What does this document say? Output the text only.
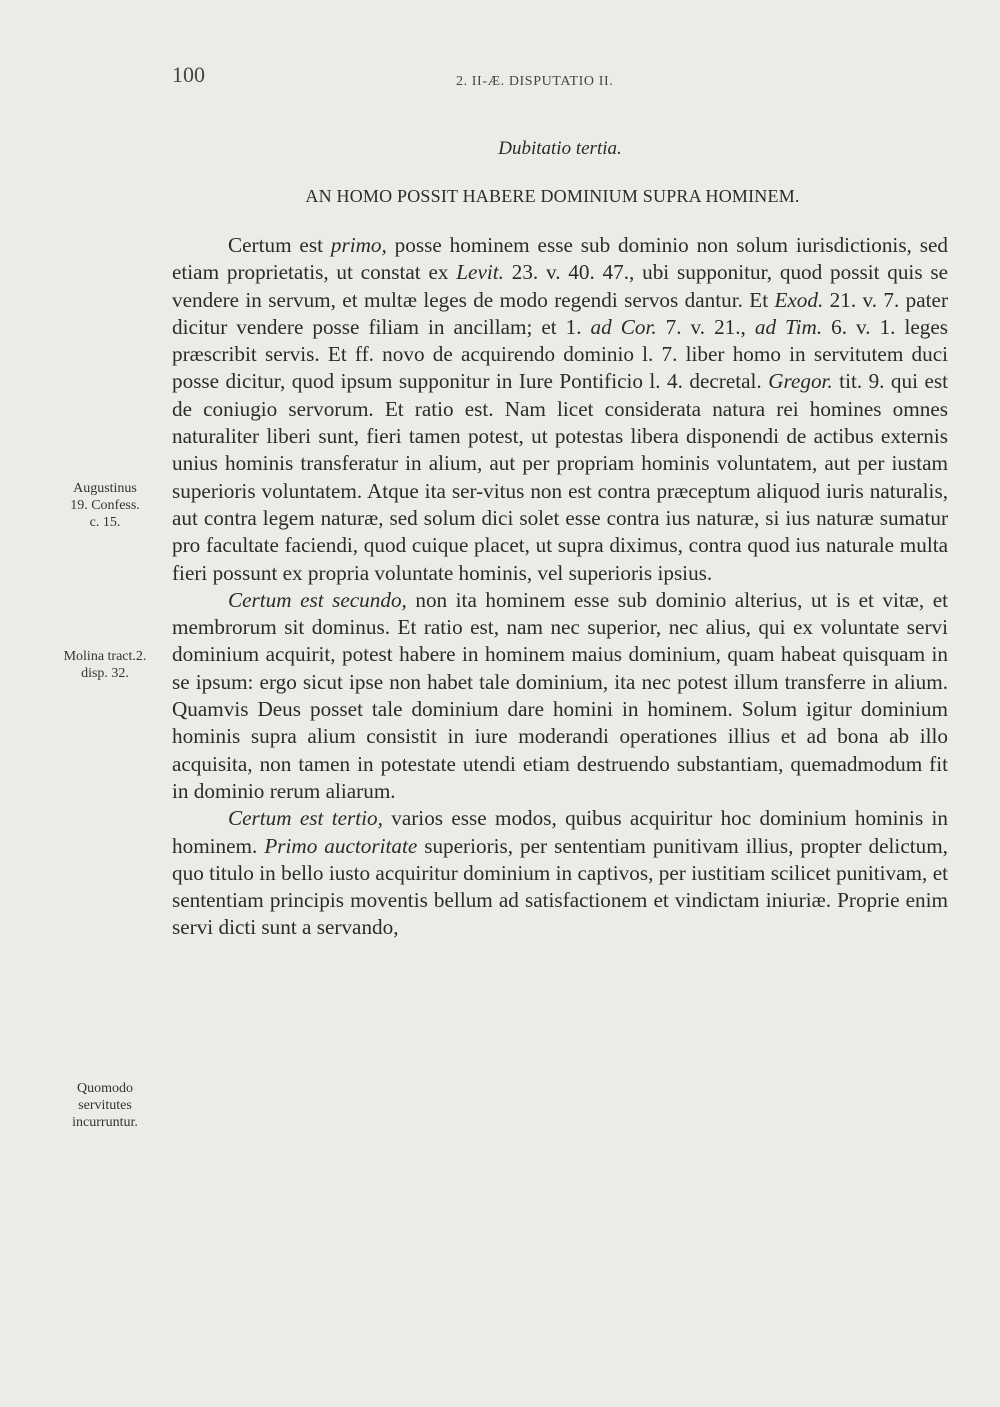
100	2. II-Æ. DISPUTATIO II.
Dubitatio tertia.
AN HOMO POSSIT HABERE DOMINIUM SUPRA HOMINEM.
Augustinus
19. Confess.
c. 15.
Molina tract.2.
disp. 32.
Quomodo
servitutes
incurruntur.

Certum est primo, posse hominem esse sub dominio non solum iurisdictionis, sed etiam proprietatis, ut constat ex Levit. 23. v. 40. 47., ubi supponitur, quod possit quis se vendere in servum, et multæ leges de modo regendi servos dantur. Et Exod. 21. v. 7. pater dicitur vendere posse filiam in ancillam; et 1. ad Cor. 7. v. 21., ad Tim. 6. v. 1. leges præscribit servis. Et ff. novo de acquirendo dominio l. 7. liber homo in servitutem duci posse dicitur, quod ipsum supponitur in Iure Pontificio l. 4. decretal. Gregor. tit. 9. qui est de coniugio servorum. Et ratio est. Nam licet considerata natura rei homines omnes naturaliter liberi sunt, fieri tamen potest, ut potestas libera disponendi de actibus externis unius hominis transferatur in alium, aut per propriam hominis voluntatem, aut per iustam superioris voluntatem. Atque ita ser-vitus non est contra præceptum aliquod iuris naturalis, aut contra legem naturæ, sed solum dici solet esse contra ius naturæ, si ius naturæ sumatur pro facultate faciendi, quod cuique placet, ut supra diximus, contra quod ius naturale multa fieri possunt ex propria voluntate hominis, vel superioris ipsius.

Certum est secundo, non ita hominem esse sub dominio alterius, ut is et vitæ, et membrorum sit dominus. Et ratio est, nam nec superior, nec alius, qui ex voluntate servi dominium acquirit, potest habere in hominem maius dominium, quam habeat quisquam in se ipsum: ergo sicut ipse non habet tale dominium, ita nec potest illum transferre in alium. Quamvis Deus posset tale dominium dare homini in hominem. Solum igitur dominium hominis supra alium consistit in iure moderandi operationes illius et ad bona ab illo acquisita, non tamen in potestate utendi etiam destruendo substantiam, quemadmodum fit in dominio rerum aliarum.

Certum est tertio, varios esse modos, quibus acquiritur hoc dominium hominis in hominem. Primo auctoritate superioris, per sententiam punitivam illius, propter delictum, quo titulo in bello iusto acquiritur dominium in captivos, per iustitiam scilicet punitivam, et sententiam principis moventis bellum ad satisfactionem et vindictam iniuriæ. Proprie enim servi dicti sunt a servando,
